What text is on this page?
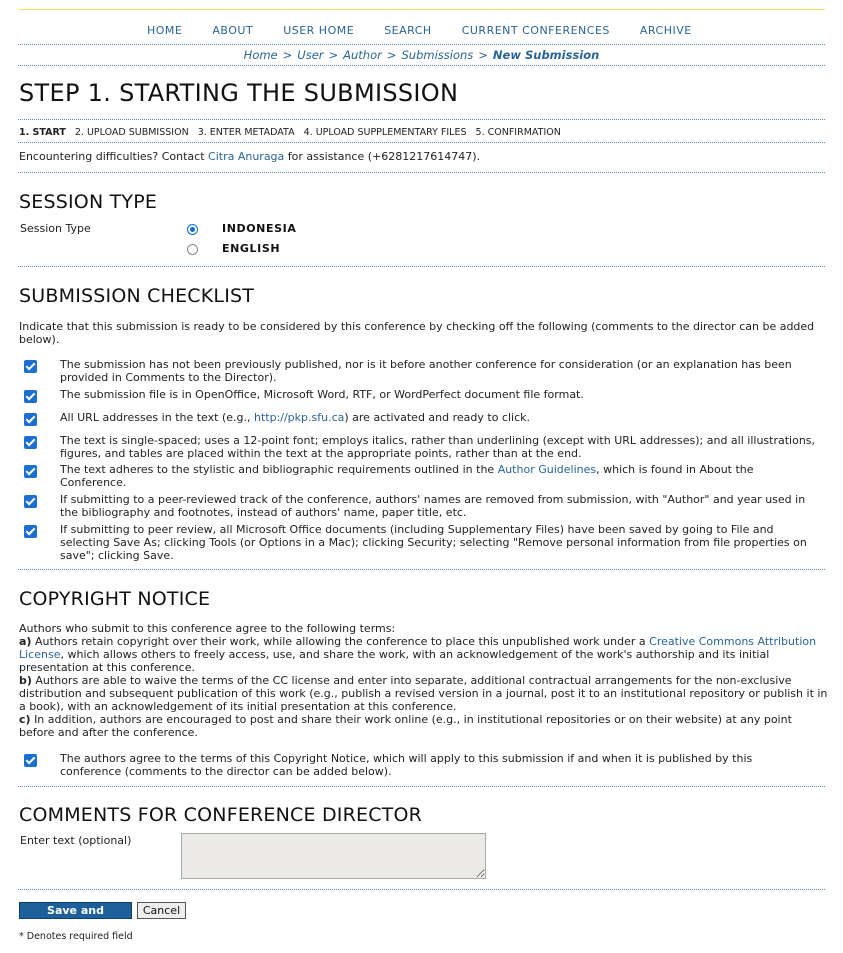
HOME	ABOUT	USER HOME	SEARCH	CURRENT CONFERENCES	ARCHIVE
Home > User > Author > Submissions > New Submission
STEP 1. STARTING THE SUBMISSION
1. START 2. UPLOAD SUBMISSION 3. ENTER METADATA 4. UPLOAD SUPPLEMENTARY FILES 5. CONFIRMATION
Encountering difficulties? Contact Citra Anuraga for assistance (+6281217614747).
SESSION TYPE
Session Type	INDONESIA
ENGLISH
SUBMISSION CHECKLIST
Indicate that this submission is ready to be considered by this conference by checking off the following (comments to the director can be added below).
The submission has not been previously published, nor is it before another conference for consideration (or an explanation has been provided in Comments to the Director).
The submission file is in OpenOffice, Microsoft Word, RTF, or WordPerfect document file format.
All URL addresses in the text (e.g., http://pkp.sfu.ca) are activated and ready to click.
The text is single-spaced; uses a 12-point font; employs italics, rather than underlining (except with URL addresses); and all illustrations, figures, and tables are placed within the text at the appropriate points, rather than at the end.
The text adheres to the stylistic and bibliographic requirements outlined in the Author Guidelines, which is found in About the Conference.
If submitting to a peer-reviewed track of the conference, authors' names are removed from submission, with "Author" and year used in the bibliography and footnotes, instead of authors' name, paper title, etc.
If submitting to peer review, all Microsoft Office documents (including Supplementary Files) have been saved by going to File and selecting Save As; clicking Tools (or Options in a Mac); clicking Security; selecting "Remove personal information from file properties on save"; clicking Save.
COPYRIGHT NOTICE
Authors who submit to this conference agree to the following terms:
a) Authors retain copyright over their work, while allowing the conference to place this unpublished work under a Creative Commons Attribution License, which allows others to freely access, use, and share the work, with an acknowledgement of the work's authorship and its initial presentation at this conference.
b) Authors are able to waive the terms of the CC license and enter into separate, additional contractual arrangements for the non-exclusive distribution and subsequent publication of this work (e.g., publish a revised version in a journal, post it to an institutional repository or publish it in a book), with an acknowledgement of its initial presentation at this conference.
c) In addition, authors are encouraged to post and share their work online (e.g., in institutional repositories or on their website) at any point before and after the conference.
The authors agree to the terms of this Copyright Notice, which will apply to this submission if and when it is published by this conference (comments to the director can be added below).
COMMENTS FOR CONFERENCE DIRECTOR
Enter text (optional)
Save and continue
Cancel
* Denotes required field
